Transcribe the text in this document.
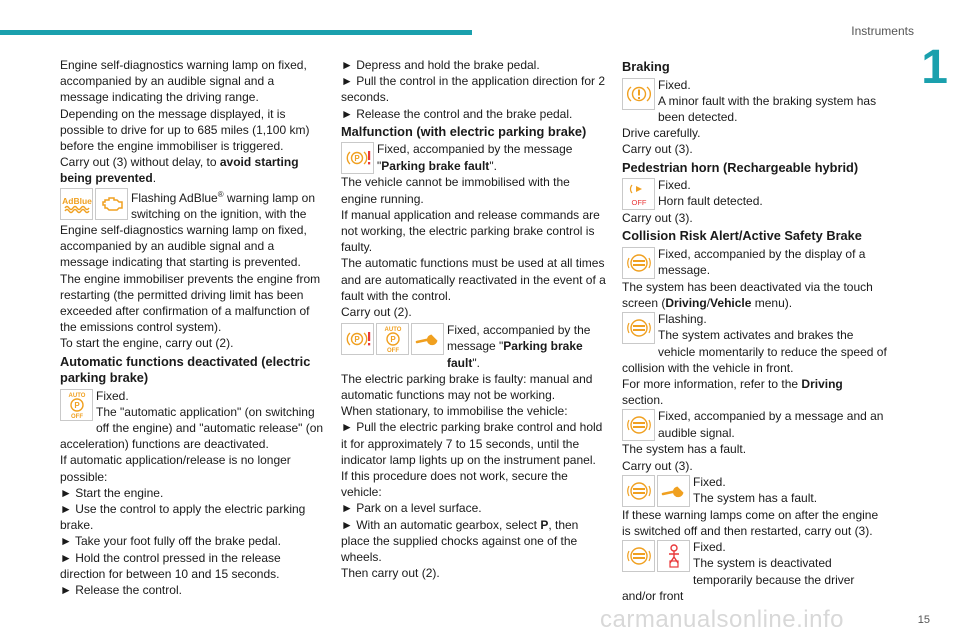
Instruments
1

Engine self-diagnostics warning lamp on fixed, accompanied by an audible signal and a message indicating the driving range.

Depending on the message displayed, it is possible to drive for up to 685 miles (1,100 km) before the engine immobiliser is triggered.

Carry out (3) without delay, to avoid starting being prevented.

AdBlue	Flashing AdBlue® warning lamp on switching on the ignition, with the Engine self-diagnostics warning lamp on fixed, accompanied by an audible signal and a message indicating that starting is prevented.

The engine immobiliser prevents the engine from restarting (the permitted driving limit has been exceeded after confirmation of a malfunction of the emissions control system).

To start the engine, carry out (2).

Automatic functions deactivated (electric parking brake)
AUTO
P
OFF

Fixed.

The "automatic application" (on switching off the engine) and "automatic release" (on acceleration) functions are deactivated.

If automatic application/release is no longer possible:

► Start the engine.

► Use the control to apply the electric parking brake.

► Take your foot fully off the brake pedal.

► Hold the control pressed in the release direction for between 10 and 15 seconds.

► Release the control.

► Depress and hold the brake pedal.

► Pull the control in the application direction for 2 seconds.

► Release the control and the brake pedal.

Malfunction (with electric parking brake)
P

Fixed, accompanied by the message "Parking brake fault".

The vehicle cannot be immobilised with the engine running.

If manual application and release commands are not working, the electric parking brake control is faulty.

The automatic functions must be used at all times and are automatically reactivated in the event of a fault with the control.

Carry out (2).

P
AUTO
P
OFF

Fixed, accompanied by the message "Parking brake fault".

The electric parking brake is faulty: manual and automatic functions may not be working.

When stationary, to immobilise the vehicle:

► Pull the electric parking brake control and hold it for approximately 7 to 15 seconds, until the indicator lamp lights up on the instrument panel.

If this procedure does not work, secure the vehicle:

► Park on a level surface.

► With an automatic gearbox, select P, then place the supplied chocks against one of the wheels.

Then carry out (2).

Braking

Fixed.

A minor fault with the braking system has been detected.

Drive carefully.

Carry out (3).

Pedestrian horn (Rechargeable hybrid)
OFF

Fixed.

Horn fault detected.

Carry out (3).

Collision Risk Alert/Active Safety Brake

Fixed, accompanied by the display of a message.

The system has been deactivated via the touch screen (Driving/Vehicle menu).

Flashing.

The system activates and brakes the vehicle momentarily to reduce the speed of collision with the vehicle in front.

For more information, refer to the Driving section.

Fixed, accompanied by a message and an audible signal.

The system has a fault.

Carry out (3).

Fixed.

The system has a fault.

If these warning lamps come on after the engine is switched off and then restarted, carry out (3).

Fixed.

The system is deactivated temporarily because the driver and/or front

carmanualsonline.info	15
